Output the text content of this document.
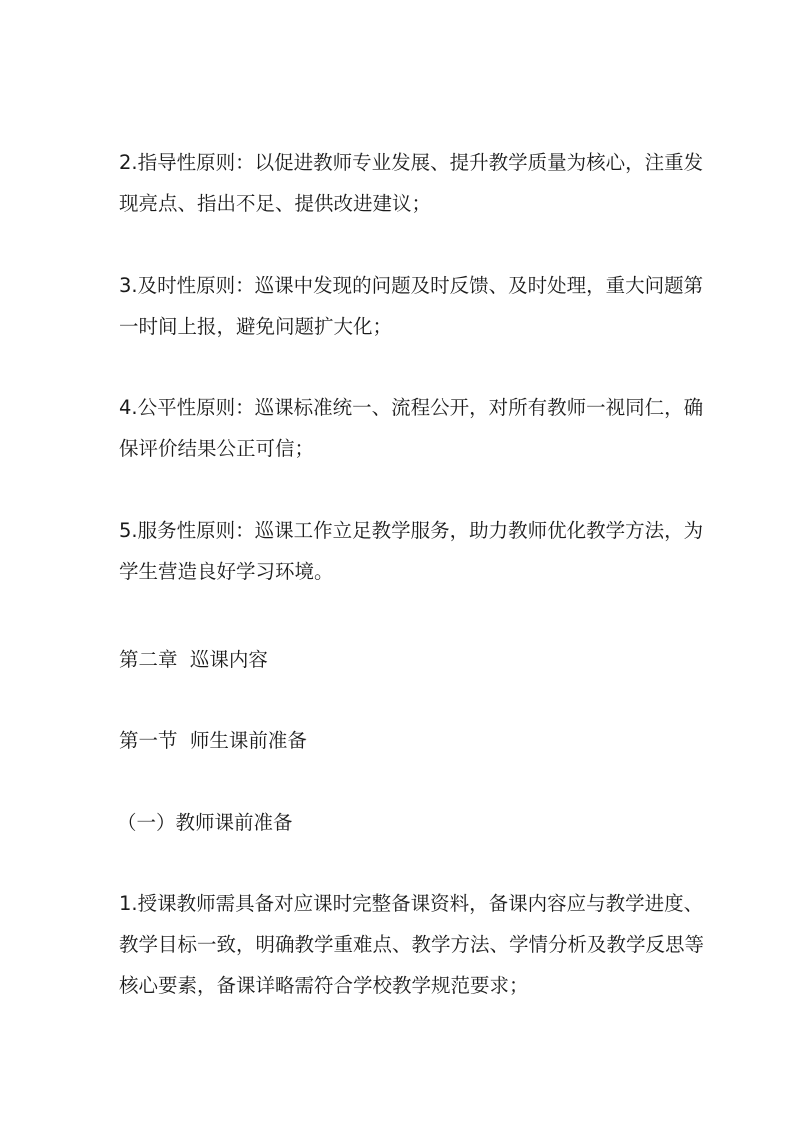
2.指导性原则：以促进教师专业发展、提升教学质量为核心，注重发
现亮点、指出不足、提供改进建议；

3.及时性原则：巡课中发现的问题及时反馈、及时处理，重大问题第
一时间上报，避免问题扩大化；

4.公平性原则：巡课标准统一、流程公开，对所有教师一视同仁，确
保评价结果公正可信；

5.服务性原则：巡课工作立足教学服务，助力教师优化教学方法，为
学生营造良好学习环境。

第二章  巡课内容

第一节  师生课前准备

（一）教师课前准备

1.授课教师需具备对应课时完整备课资料，备课内容应与教学进度、
教学目标一致，明确教学重难点、教学方法、学情分析及教学反思等
核心要素，备课详略需符合学校教学规范要求；
